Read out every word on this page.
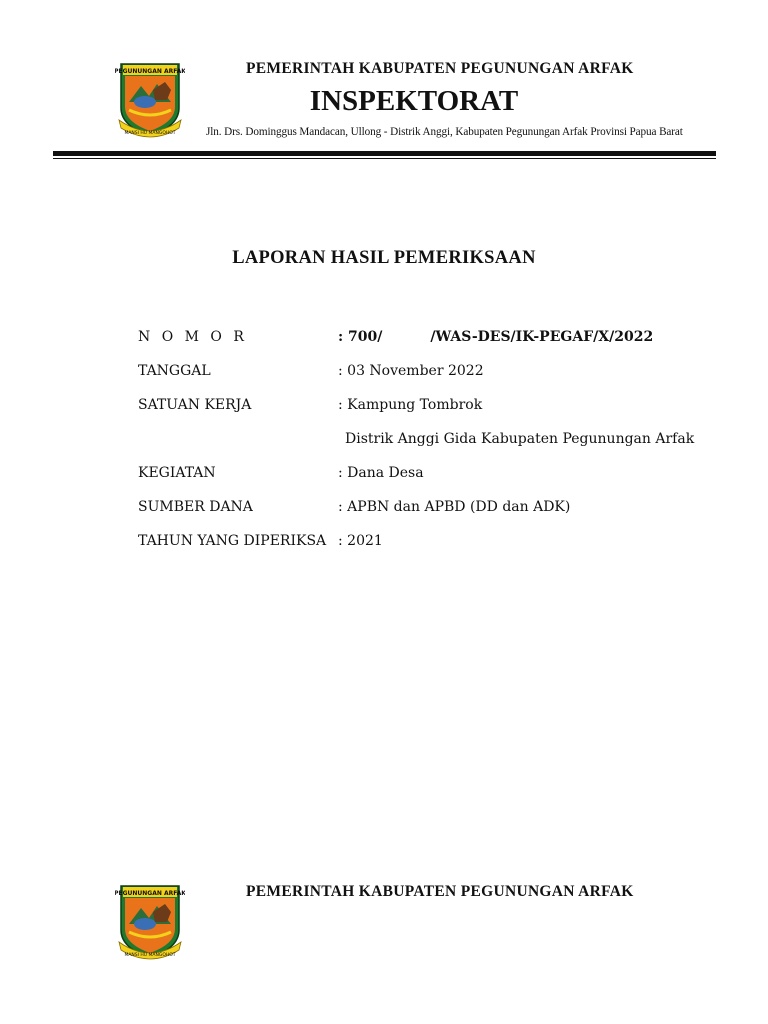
PEGUNUNGAN ARFAK
MANSI HU MANGOHOT
PEMERINTAH KABUPATEN PEGUNUNGAN ARFAK
INSPEKTORAT
Jln. Drs. Dominggus Mandacan, Ullong - Distrik Anggi, Kabupaten Pegunungan Arfak Provinsi Papua Barat
LAPORAN HASIL PEMERIKSAAN
N O M O R	: 700/	/WAS-DES/IK-PEGAF/X/2022
TANGGAL	: 03 November 2022
SATUAN KERJA	: Kampung Tombrok
Distrik Anggi Gida Kabupaten Pegunungan Arfak
KEGIATAN	: Dana Desa
SUMBER DANA	: APBN dan APBD (DD dan ADK)
TAHUN YANG DIPERIKSA : 2021
PEGUNUNGAN ARFAK
MANSI HU MANGOHOT
PEMERINTAH KABUPATEN PEGUNUNGAN ARFAK
